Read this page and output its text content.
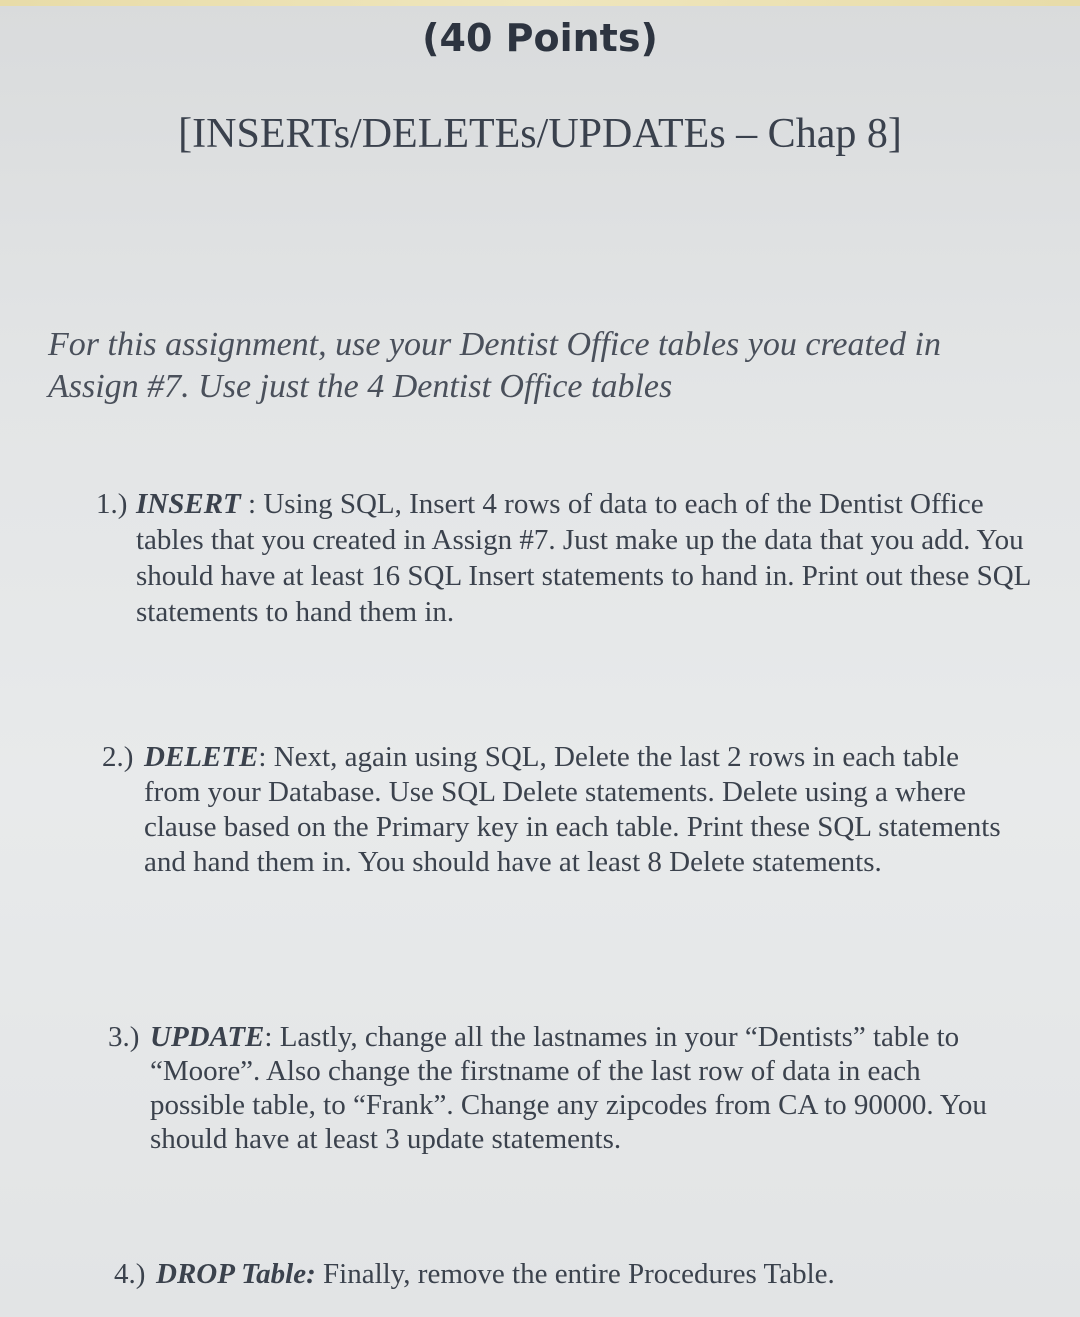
(40 Points)
[INSERTs/DELETEs/UPDATEs – Chap 8]
For this assignment, use your Dentist Office tables you created in
Assign #7. Use just the 4 Dentist Office tables
1.) INSERT : Using SQL, Insert 4 rows of data to each of the Dentist Office tables that you created in Assign #7. Just make up the data that you add. You should have at least 16 SQL Insert statements to hand in. Print out these SQL statements to hand them in.
2.) DELETE: Next, again using SQL, Delete the last 2 rows in each table from your Database. Use SQL Delete statements. Delete using a where clause based on the Primary key in each table. Print these SQL statements and hand them in. You should have at least 8 Delete statements.
3.) UPDATE: Lastly, change all the lastnames in your “Dentists” table to “Moore”. Also change the firstname of the last row of data in each possible table, to “Frank”. Change any zipcodes from CA to 90000. You should have at least 3 update statements.
4.) DROP Table: Finally, remove the entire Procedures Table.
